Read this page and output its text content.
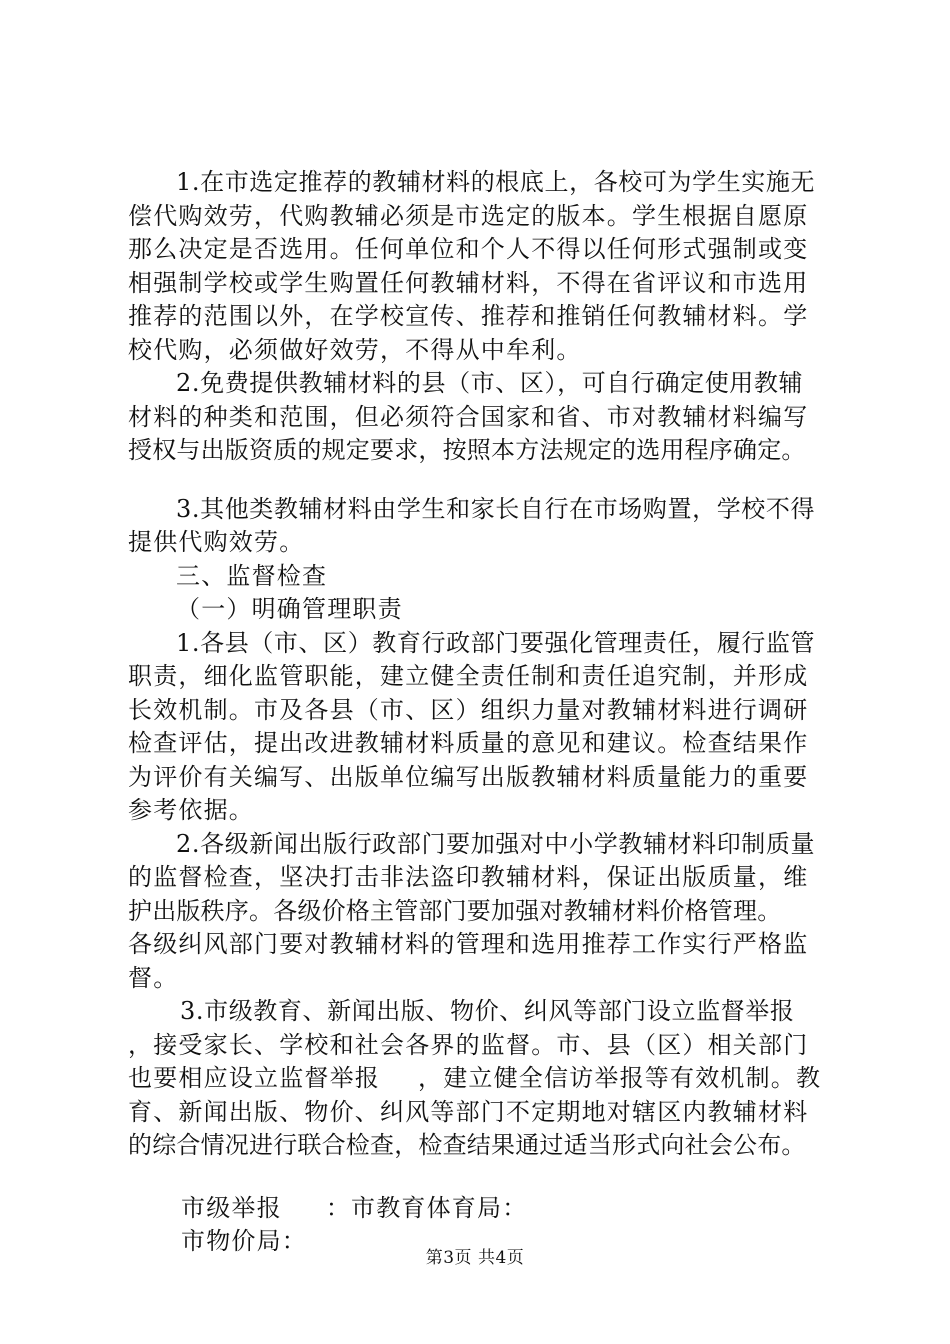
1.在市选定推荐的教辅材料的根底上，各校可为学生实施无
偿代购效劳，代购教辅必须是市选定的版本。学生根据自愿原
那么决定是否选用。任何单位和个人不得以任何形式强制或变
相强制学校或学生购置任何教辅材料，不得在省评议和市选用
推荐的范围以外，在学校宣传、推荐和推销任何教辅材料。学
校代购，必须做好效劳，不得从中牟利。
2.免费提供教辅材料的县（市、区），可自行确定使用教辅
材料的种类和范围，但必须符合国家和省、市对教辅材料编写
授权与出版资质的规定要求，按照本方法规定的选用程序确定。
3.其他类教辅材料由学生和家长自行在市场购置，学校不得
提供代购效劳。
三、监督检查
（一）明确管理职责
1.各县（市、区）教育行政部门要强化管理责任，履行监管
职责，细化监管职能，建立健全责任制和责任追究制，并形成
长效机制。市及各县（市、区）组织力量对教辅材料进行调研
检查评估，提出改进教辅材料质量的意见和建议。检查结果作
为评价有关编写、出版单位编写出版教辅材料质量能力的重要
参考依据。
2.各级新闻出版行政部门要加强对中小学教辅材料印制质量
的监督检查，坚决打击非法盗印教辅材料，保证出版质量，维
护出版秩序。各级价格主管部门要加强对教辅材料价格管理。
各级纠风部门要对教辅材料的管理和选用推荐工作实行严格监
督。
3.市级教育、新闻出版、物价、纠风等部门设立监督举报
，接受家长、学校和社会各界的监督。市、县（区）相关部门
也要相应设立监督举报 ，建立健全信访举报等有效机制。教
育、新闻出版、物价、纠风等部门不定期地对辖区内教辅材料
的综合情况进行联合检查，检查结果通过适当形式向社会公布。
市级举报 ：市教育体育局：
市物价局：
第3页 共4页
